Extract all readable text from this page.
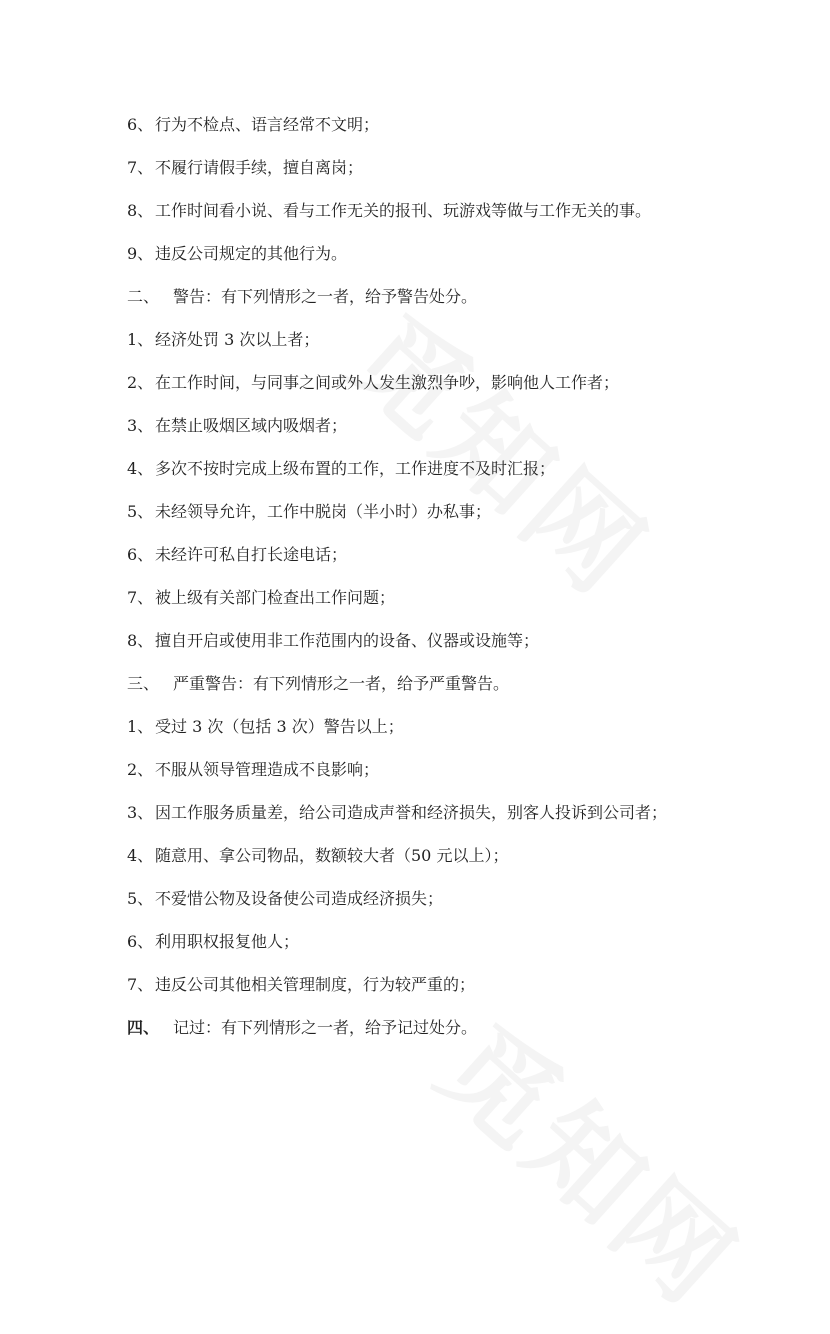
6、 行为不检点、语言经常不文明；
7、 不履行请假手续，擅自离岗；
8、 工作时间看小说、看与工作无关的报刊、玩游戏等做与工作无关的事。
9、 违反公司规定的其他行为。
二、 警告：有下列情形之一者，给予警告处分。
1、 经济处罚 3 次以上者；
2、 在工作时间，与同事之间或外人发生激烈争吵，影响他人工作者；
3、 在禁止吸烟区域内吸烟者；
4、 多次不按时完成上级布置的工作，工作进度不及时汇报；
5、 未经领导允许，工作中脱岗（半小时）办私事；
6、 未经许可私自打长途电话；
7、 被上级有关部门检查出工作问题；
8、 擅自开启或使用非工作范围内的设备、仪器或设施等；
三、 严重警告：有下列情形之一者，给予严重警告。
1、 受过 3 次（包括 3 次）警告以上；
2、 不服从领导管理造成不良影响；
3、 因工作服务质量差，给公司造成声誉和经济损失，别客人投诉到公司者；
4、 随意用、拿公司物品，数额较大者（50 元以上）；
5、 不爱惜公物及设备使公司造成经济损失；
6、 利用职权报复他人；
7、 违反公司其他相关管理制度，行为较严重的；
四、 记过：有下列情形之一者，给予记过处分。
